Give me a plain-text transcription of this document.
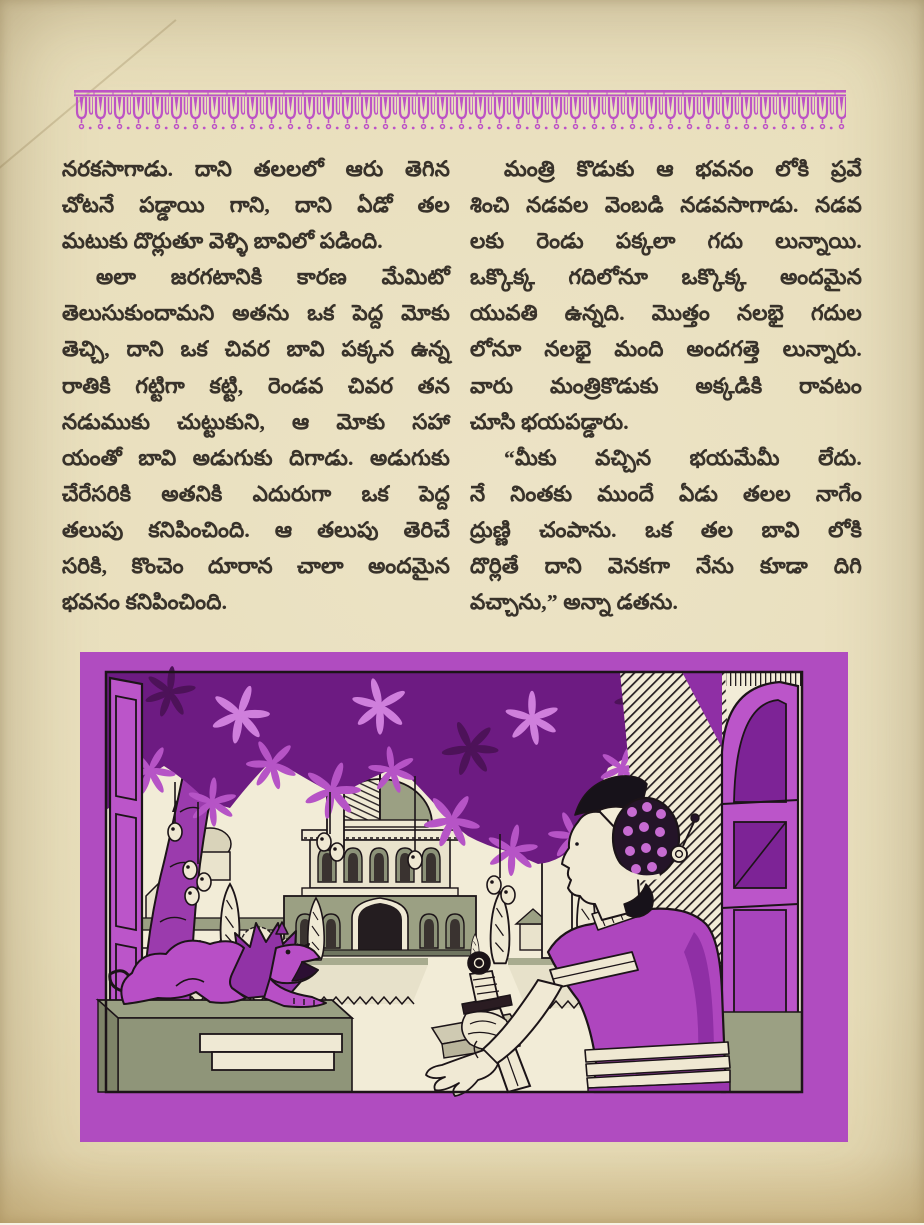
నరకసాగాడు. దాని తలలలో ఆరు తెగిన
చోటనే పడ్డాయి గాని, దాని ఏడో తల
మటుకు దొర్లుతూ వెళ్ళి బావిలో పడింది.
అలా జరగటానికి కారణ మేమిటో
తెలుసుకుందామని అతను ఒక పెద్ద మోకు
తెచ్చి, దాని ఒక చివర బావి పక్కన ఉన్న
రాతికి గట్టిగా కట్టి, రెండవ చివర తన
నడుముకు చుట్టుకుని, ఆ మోకు సహా
యంతో బావి అడుగుకు దిగాడు. అడుగుకు
చేరేసరికి అతనికి ఎదురుగా ఒక పెద్ద
తలుపు కనిపించింది. ఆ తలుపు తెరిచే
సరికి, కొంచెం దూరాన చాలా అందమైన
భవనం కనిపించింది.
మంత్రి కొడుకు ఆ భవనం లోకి ప్రవే
శించి నడవల వెంబడి నడవసాగాడు. నడవ
లకు రెండు పక్కలా గదు లున్నాయి.
ఒక్కొక్క గదిలోనూ ఒక్కొక్క అందమైన
యువతి ఉన్నది. మొత్తం నలభై గదుల
లోనూ నలభై మంది అందగత్తె లున్నారు.
వారు మంత్రికొడుకు అక్కడికి రావటం
చూసి భయపడ్డారు.
“మీకు వచ్చిన భయమేమీ లేదు.
నే నింతకు ముందే ఏడు తలల నాగేం
ద్రుణ్ణి చంపాను. ఒక తల బావి లోకి
దొర్లితే దాని వెనకగా నేను కూడా దిగి
వచ్చాను,” అన్నా డతను.
